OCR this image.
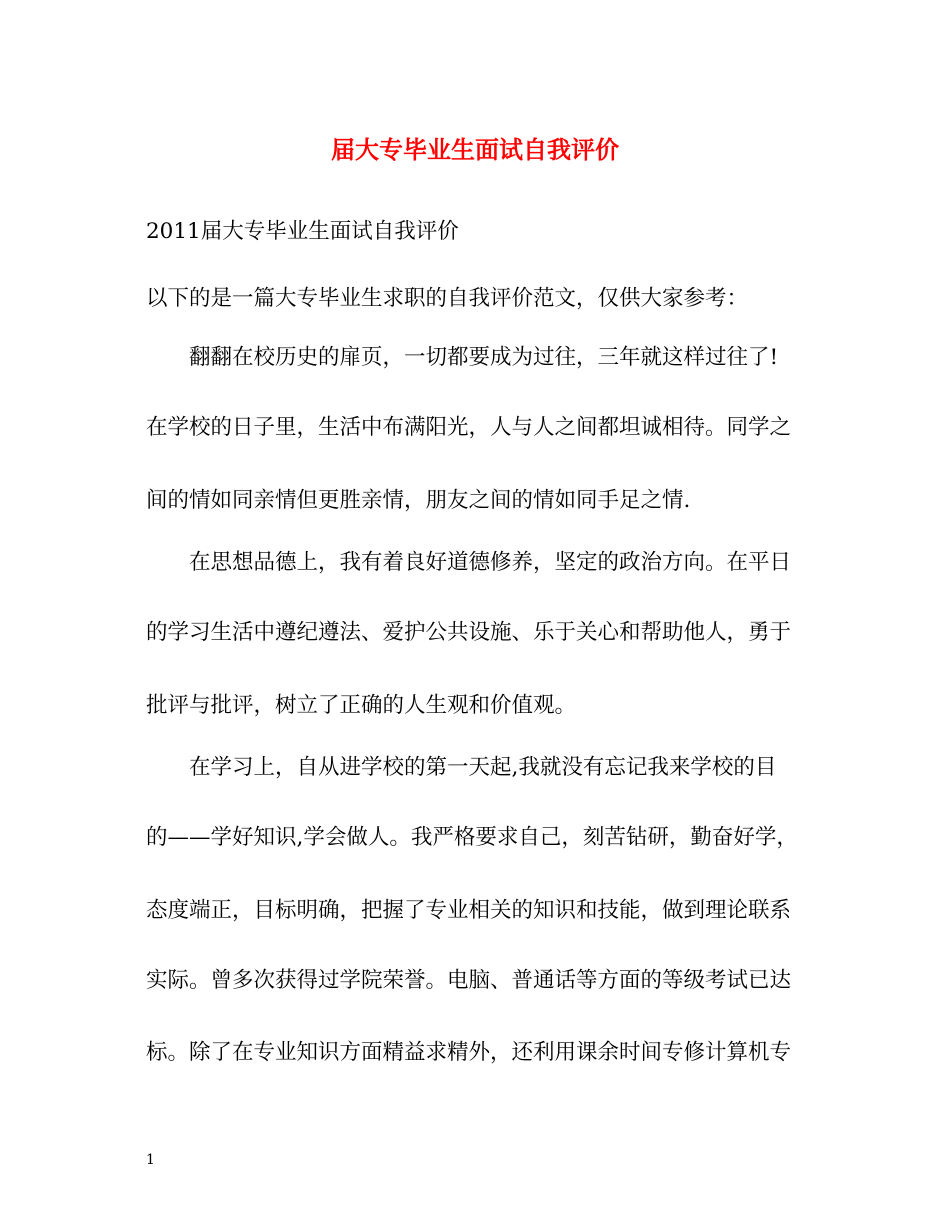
届大专毕业生面试自我评价
2011届大专毕业生面试自我评价
以下的是一篇大专毕业生求职的自我评价范文，仅供大家参考：
翻翻在校历史的扉页，一切都要成为过往，三年就这样过往了!
在学校的日子里，生活中布满阳光，人与人之间都坦诚相待。同学之
间的情如同亲情但更胜亲情，朋友之间的情如同手足之情.
在思想品德上，我有着良好道德修养，坚定的政治方向。在平日
的学习生活中遵纪遵法、爱护公共设施、乐于关心和帮助他人，勇于
批评与批评，树立了正确的人生观和价值观。
在学习上，自从进学校的第一天起,我就没有忘记我来学校的目
的——学好知识,学会做人。我严格要求自己，刻苦钻研，勤奋好学，
态度端正，目标明确，把握了专业相关的知识和技能，做到理论联系
实际。曾多次获得过学院荣誉。电脑、普通话等方面的等级考试已达
标。除了在专业知识方面精益求精外，还利用课余时间专修计算机专
1
